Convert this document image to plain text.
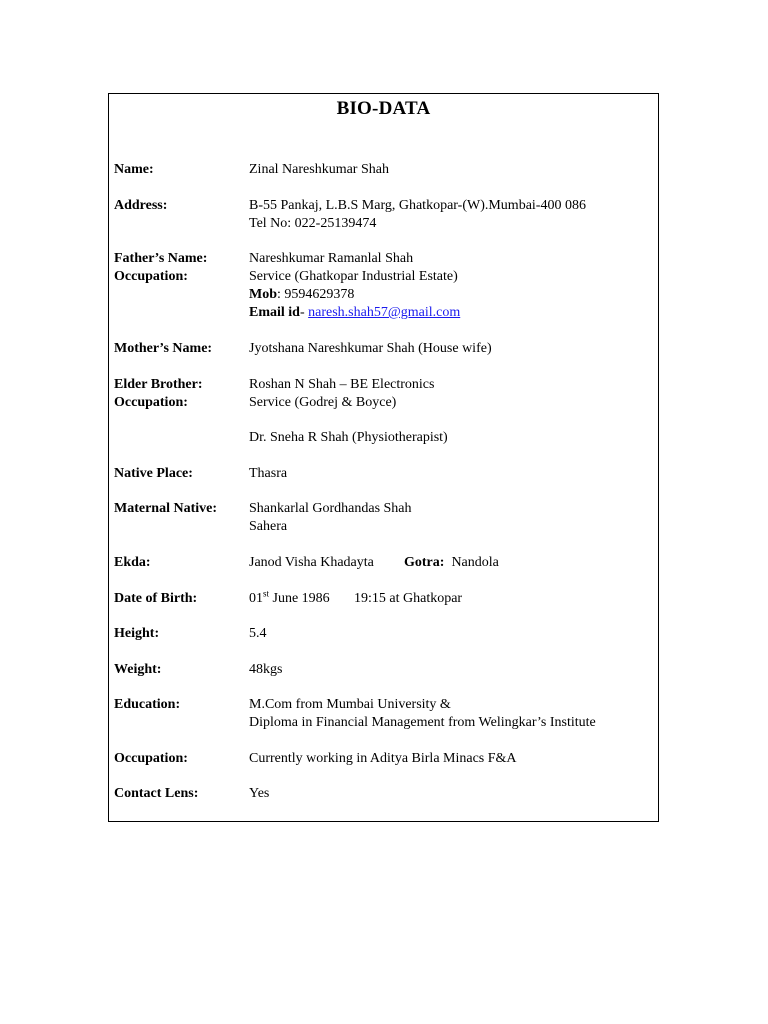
BIO-DATA
Name:	Zinal Nareshkumar Shah
Address:	B-55 Pankaj, L.B.S Marg, Ghatkopar-(W).Mumbai-400 086
Tel No: 022-25139474
Father’s Name:	Nareshkumar Ramanlal Shah
Occupation:	Service (Ghatkopar Industrial Estate)
Mob: 9594629378
Email id- naresh.shah57@gmail.com
Mother’s Name:	Jyotshana Nareshkumar Shah (House wife)
Elder Brother:	Roshan N Shah – BE Electronics
Occupation:	Service (Godrej & Boyce)
Dr. Sneha R Shah (Physiotherapist)
Native Place:	Thasra
Maternal Native: Shankarlal Gordhandas Shah
Sahera
Ekda:	Janod Visha Khadayta Gotra: Nandola
Date of Birth:	01st June 1986 19:15 at Ghatkopar
Height:	5.4
Weight:	48kgs
Education:	M.Com from Mumbai University &
Diploma in Financial Management from Welingkar’s Institute
Occupation:	Currently working in Aditya Birla Minacs F&A
Contact Lens:	Yes
